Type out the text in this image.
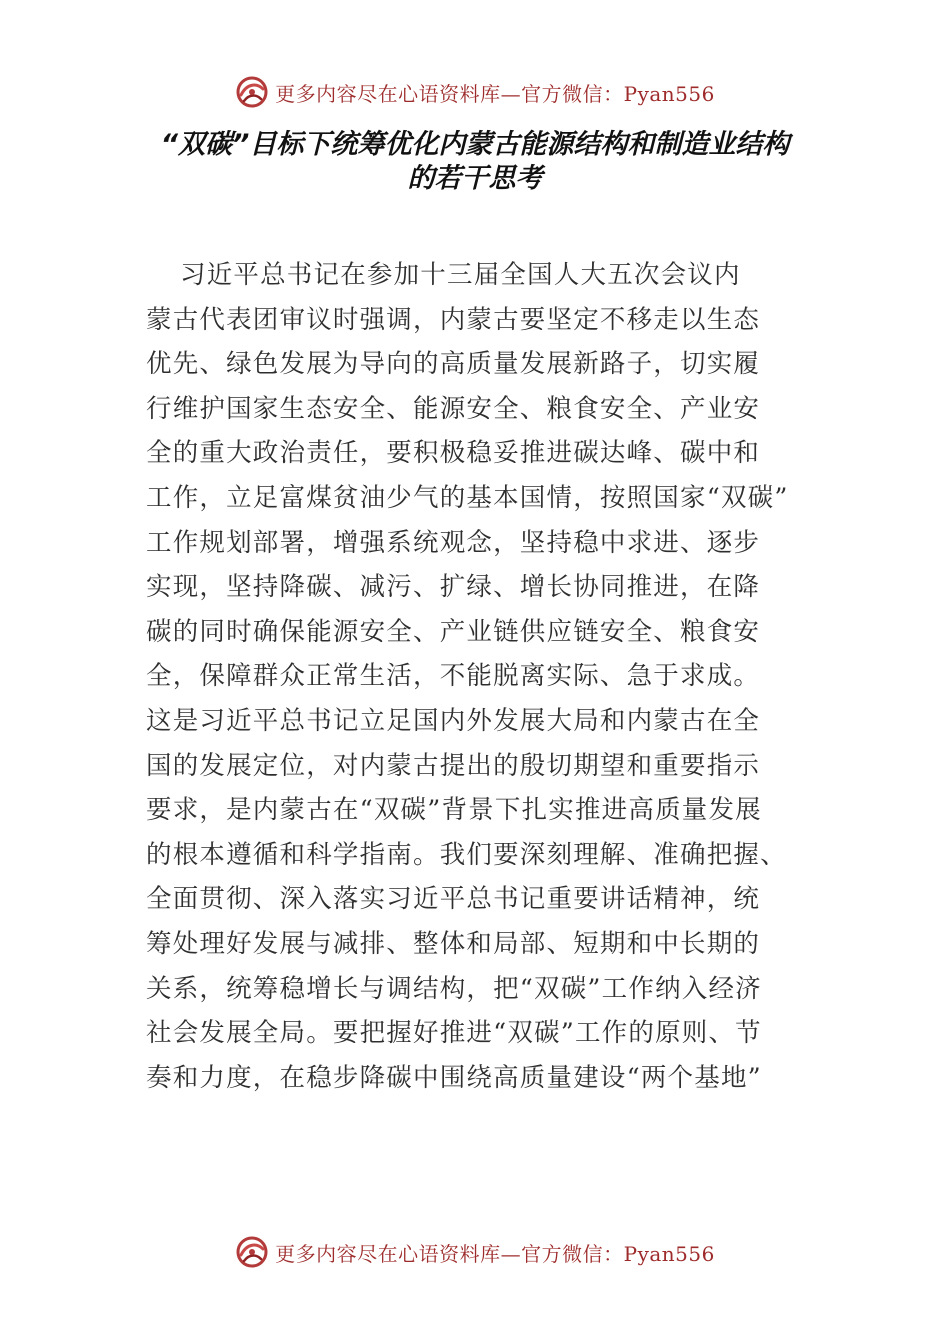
更多内容尽在心语资料库—官方微信：Pyan556
“双碳”目标下统筹优化内蒙古能源结构和制造业结构
的若干思考
习近平总书记在参加十三届全国人大五次会议内
蒙古代表团审议时强调，内蒙古要坚定不移走以生态
优先、绿色发展为导向的高质量发展新路子，切实履
行维护国家生态安全、能源安全、粮食安全、产业安
全的重大政治责任，要积极稳妥推进碳达峰、碳中和
工作，立足富煤贫油少气的基本国情，按照国家“双碳”
工作规划部署，增强系统观念，坚持稳中求进、逐步
实现，坚持降碳、减污、扩绿、增长协同推进，在降
碳的同时确保能源安全、产业链供应链安全、粮食安
全，保障群众正常生活，不能脱离实际、急于求成。
这是习近平总书记立足国内外发展大局和内蒙古在全
国的发展定位，对内蒙古提出的殷切期望和重要指示
要求，是内蒙古在“双碳”背景下扎实推进高质量发展
的根本遵循和科学指南。我们要深刻理解、准确把握、
全面贯彻、深入落实习近平总书记重要讲话精神，统
筹处理好发展与减排、整体和局部、短期和中长期的
关系，统筹稳增长与调结构，把“双碳”工作纳入经济
社会发展全局。要把握好推进“双碳”工作的原则、节
奏和力度，在稳步降碳中围绕高质量建设“两个基地”
更多内容尽在心语资料库—官方微信：Pyan556
